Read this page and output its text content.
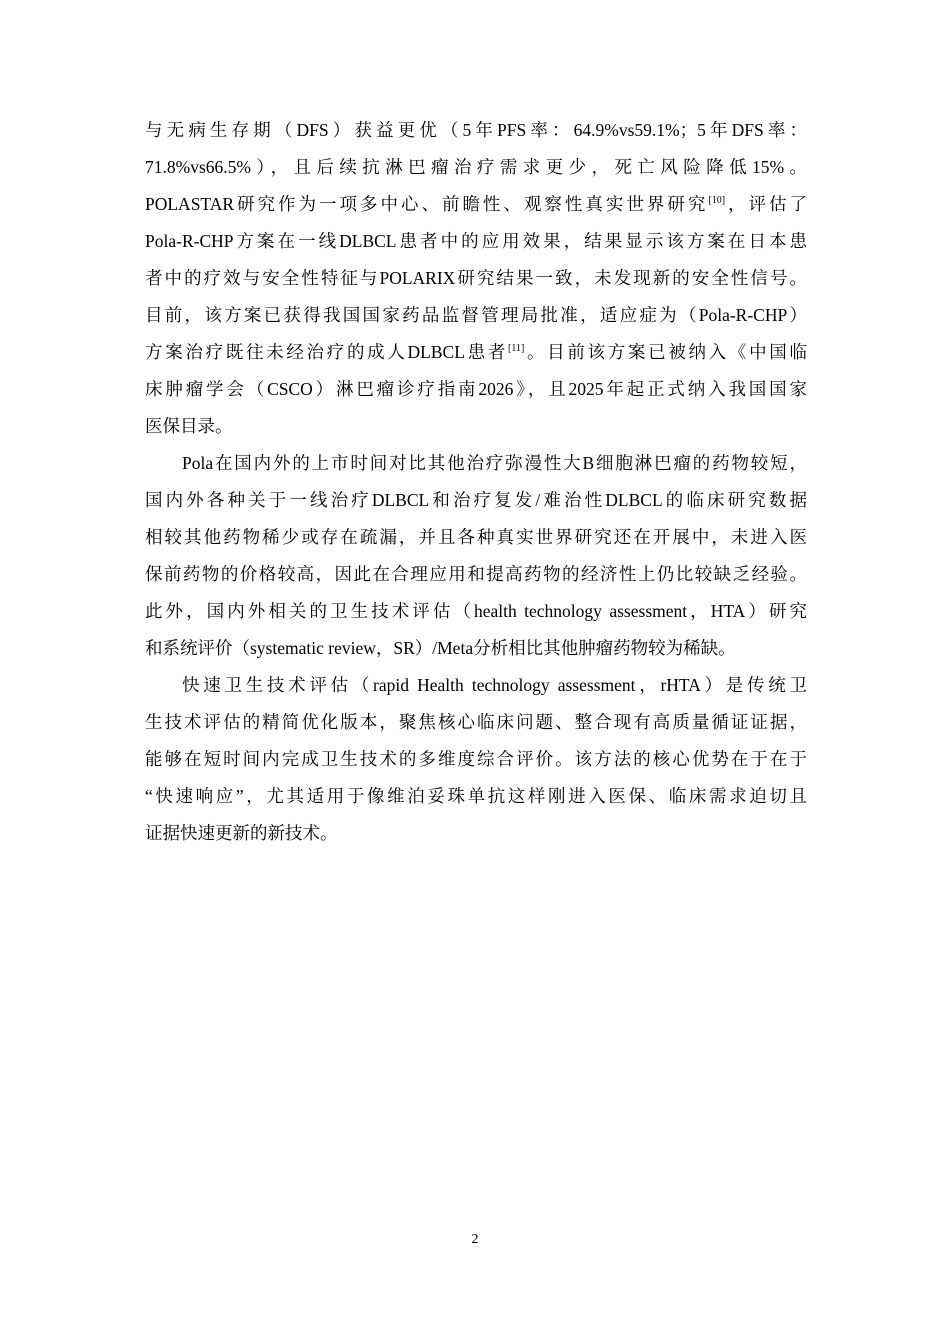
与无病生存期（DFS）获益更优（5年PFS率：64.9%vs59.1%；5年DFS率：
71.8%vs66.5%），且后续抗淋巴瘤治疗需求更少，死亡风险降低15%。
POLASTAR研究作为一项多中心、前瞻性、观察性真实世界研究[10]，评估了
Pola-R-CHP方案在一线DLBCL患者中的应用效果，结果显示该方案在日本患
者中的疗效与安全性特征与POLARIX研究结果一致，未发现新的安全性信号。
目前，该方案已获得我国国家药品监督管理局批准，适应症为（Pola-R-CHP）
方案治疗既往未经治疗的成人DLBCL患者[11]。目前该方案已被纳入《中国临
床肿瘤学会（CSCO）淋巴瘤诊疗指南2026》，且2025年起正式纳入我国国家
医保目录。
Pola在国内外的上市时间对比其他治疗弥漫性大B细胞淋巴瘤的药物较短，
国内外各种关于一线治疗DLBCL和治疗复发/难治性DLBCL的临床研究数据
相较其他药物稀少或存在疏漏，并且各种真实世界研究还在开展中，未进入医
保前药物的价格较高，因此在合理应用和提高药物的经济性上仍比较缺乏经验。
此外，国内外相关的卫生技术评估（health technology assessment，HTA）研究
和系统评价（systematic review，SR）/Meta分析相比其他肿瘤药物较为稀缺。
快速卫生技术评估（rapid Health technology assessment，rHTA）是传统卫
生技术评估的精简优化版本，聚焦核心临床问题、整合现有高质量循证证据，
能够在短时间内完成卫生技术的多维度综合评价。该方法的核心优势在于在于
“快速响应”，尤其适用于像维泊妥珠单抗这样刚进入医保、临床需求迫切且
证据快速更新的新技术。
2
